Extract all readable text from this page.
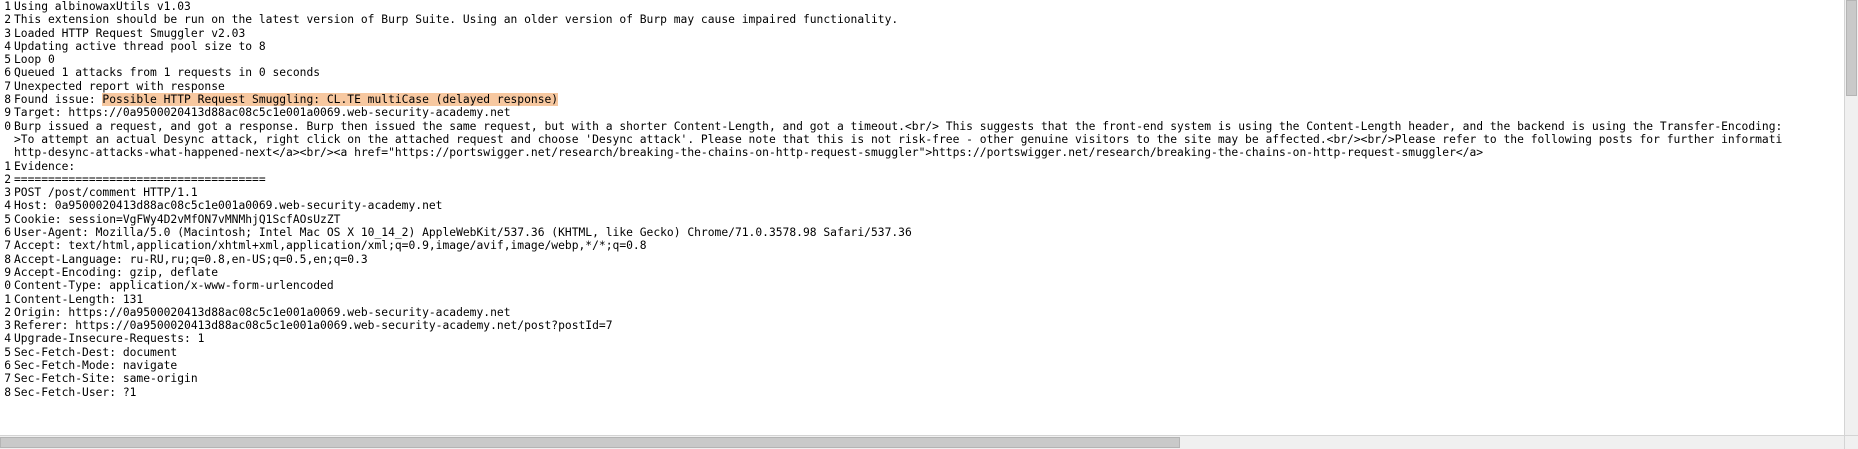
1 Using albinowaxUtils v1.03
2 This extension should be run on the latest version of Burp Suite. Using an older version of Burp may cause impaired functionality.
3 Loaded HTTP Request Smuggler v2.03
4 Updating active thread pool size to 8
5 Loop 0
6 Queued 1 attacks from 1 requests in 0 seconds
7 Unexpected report with response
8 Found issue: Possible HTTP Request Smuggling: CL.TE multiCase (delayed response)
9 Target: https://0a9500020413d88ac08c5c1e001a0069.web-security-academy.net
0 Burp issued a request, and got a response. Burp then issued the same request, but with a shorter Content-Length, and got a timeout.<br/> This suggests that the front-end system is using the Content-Length header, and the backend is using the Transfer-Encoding:
>To attempt an actual Desync attack, right click on the attached request and choose 'Desync attack'. Please note that this is not risk-free - other genuine visitors to the site may be affected.<br/><br/>Please refer to the following posts for further informati
http-desync-attacks-what-happened-next</a><br/><a href="https://portswigger.net/research/breaking-the-chains-on-http-request-smuggler">https://portswigger.net/research/breaking-the-chains-on-http-request-smuggler</a>
1 Evidence:
2 =====================================
3 POST /post/comment HTTP/1.1
4 Host: 0a9500020413d88ac08c5c1e001a0069.web-security-academy.net
5 Cookie: session=VgFWy4D2vMfON7vMNMhjQ1ScfAOsUzZT
6 User-Agent: Mozilla/5.0 (Macintosh; Intel Mac OS X 10_14_2) AppleWebKit/537.36 (KHTML, like Gecko) Chrome/71.0.3578.98 Safari/537.36
7 Accept: text/html,application/xhtml+xml,application/xml;q=0.9,image/avif,image/webp,*/*;q=0.8
8 Accept-Language: ru-RU,ru;q=0.8,en-US;q=0.5,en;q=0.3
9 Accept-Encoding: gzip, deflate
0 Content-Type: application/x-www-form-urlencoded
1 Content-Length: 131
2 Origin: https://0a9500020413d88ac08c5c1e001a0069.web-security-academy.net
3 Referer: https://0a9500020413d88ac08c5c1e001a0069.web-security-academy.net/post?postId=7
4 Upgrade-Insecure-Requests: 1
5 Sec-Fetch-Dest: document
6 Sec-Fetch-Mode: navigate
7 Sec-Fetch-Site: same-origin
8 Sec-Fetch-User: ?1
